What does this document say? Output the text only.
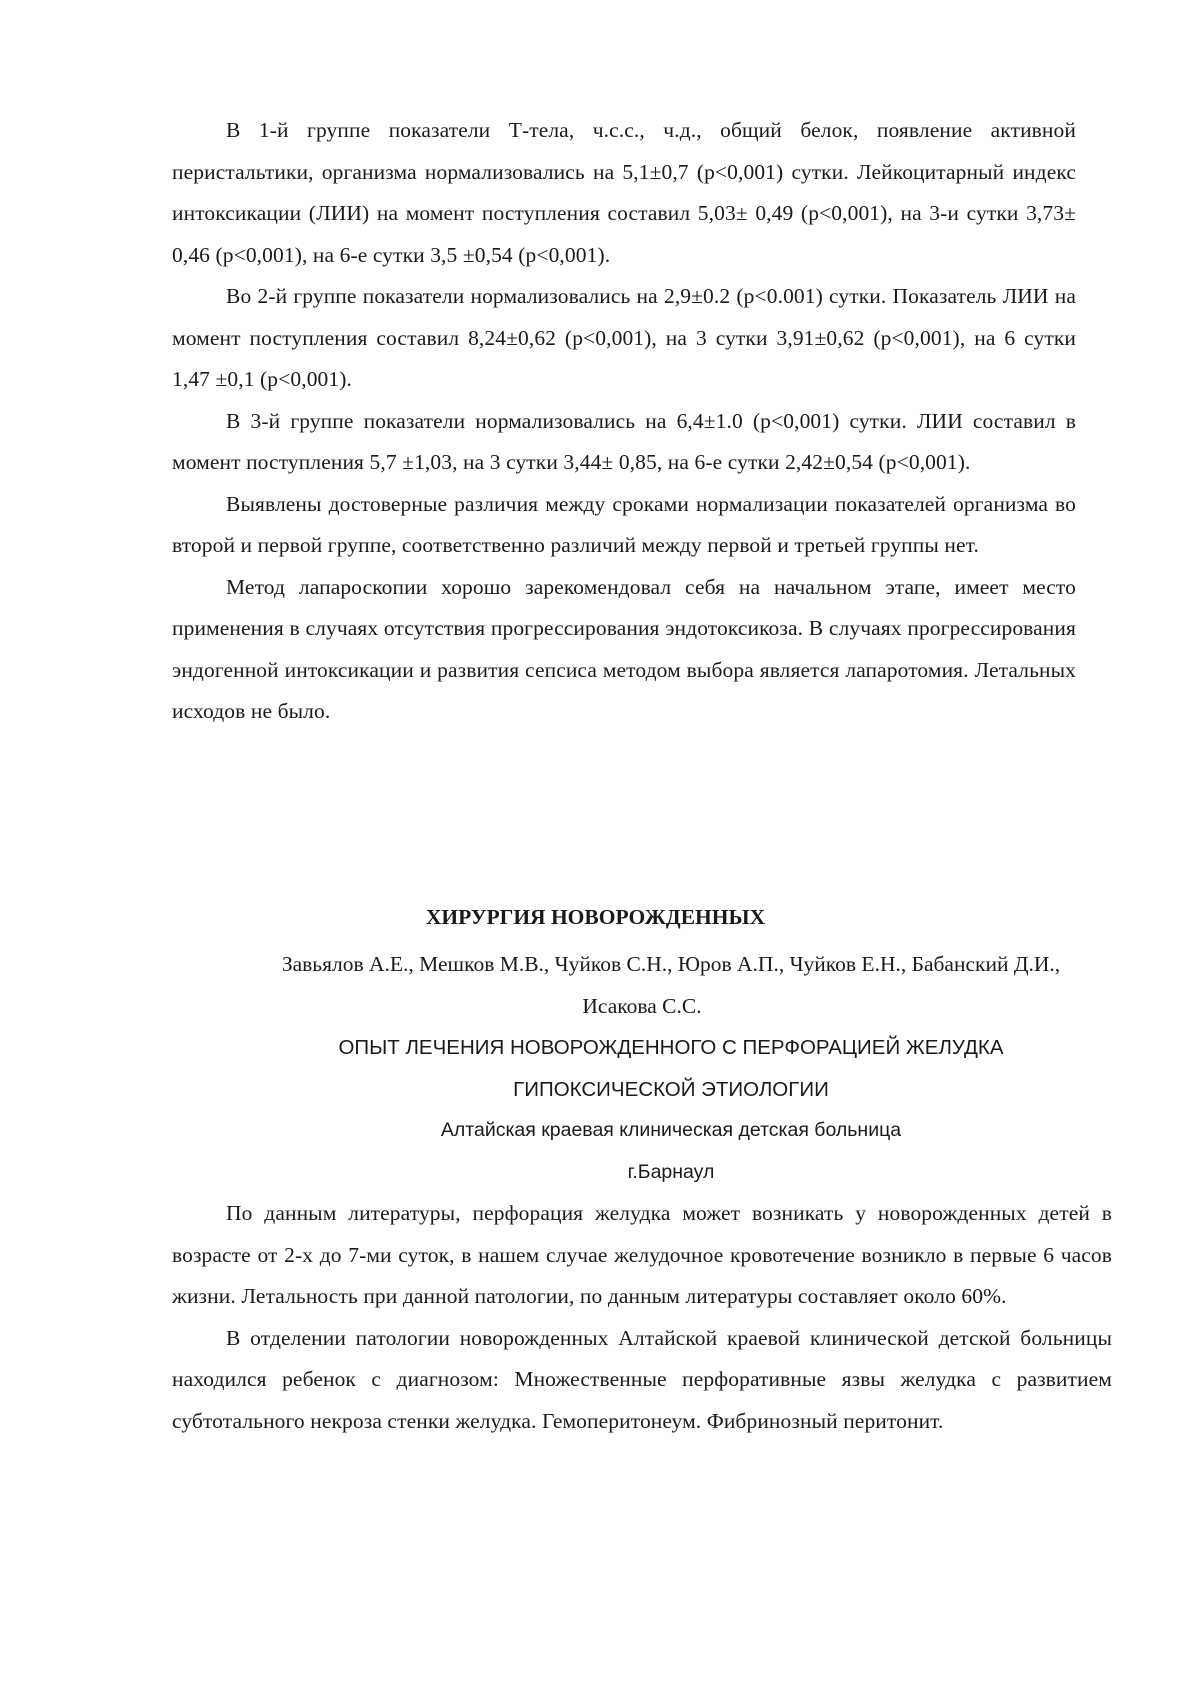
В 1-й группе показатели Т-тела, ч.с.с., ч.д., общий белок, появление активной перистальтики, организма нормализовались на 5,1±0,7 (р<0,001) сутки. Лейкоцитарный индекс интоксикации (ЛИИ) на момент поступления составил 5,03± 0,49 (р<0,001), на 3-и сутки 3,73± 0,46 (р<0,001), на 6-е сутки 3,5 ±0,54 (р<0,001).

Во 2-й группе показатели нормализовались на 2,9±0.2 (р<0.001) сутки. Показатель ЛИИ на момент поступления составил 8,24±0,62 (р<0,001), на 3 сутки 3,91±0,62 (р<0,001), на 6 сутки 1,47 ±0,1 (р<0,001).

В 3-й группе показатели нормализовались на 6,4±1.0 (р<0,001) сутки. ЛИИ составил в момент поступления 5,7 ±1,03, на 3 сутки 3,44± 0,85, на 6-е сутки 2,42±0,54 (р<0,001).

Выявлены достоверные различия между сроками нормализации показателей организма во второй и первой группе, соответственно различий между первой и третьей группы нет.

Метод лапароскопии хорошо зарекомендовал себя на начальном этапе, имеет место применения в случаях отсутствия прогрессирования эндотоксикоза. В случаях прогрессирования эндогенной интоксикации и развития сепсиса методом выбора является лапаротомия. Летальных исходов не было.

ХИРУРГИЯ НОВОРОЖДЕННЫХ
Завьялов А.Е., Мешков М.В., Чуйков С.Н., Юров А.П., Чуйков Е.Н., Бабанский Д.И.,
Исакова С.С.
ОПЫТ ЛЕЧЕНИЯ НОВОРОЖДЕННОГО С ПЕРФОРАЦИЕЙ ЖЕЛУДКА
ГИПОКСИЧЕСКОЙ ЭТИОЛОГИИ
Алтайская краевая клиническая детская больница
г.Барнаул

По данным литературы, перфорация желудка может возникать у новорожденных детей в возрасте от 2-х до 7-ми суток, в нашем случае желудочное кровотечение возникло в первые 6 часов жизни. Летальность при данной патологии, по данным литературы составляет около 60%.

В отделении патологии новорожденных Алтайской краевой клинической детской больницы находился ребенок с диагнозом: Множественные перфоративные язвы желудка с развитием субтотального некроза стенки желудка. Гемоперитонеум. Фибринозный перитонит.
